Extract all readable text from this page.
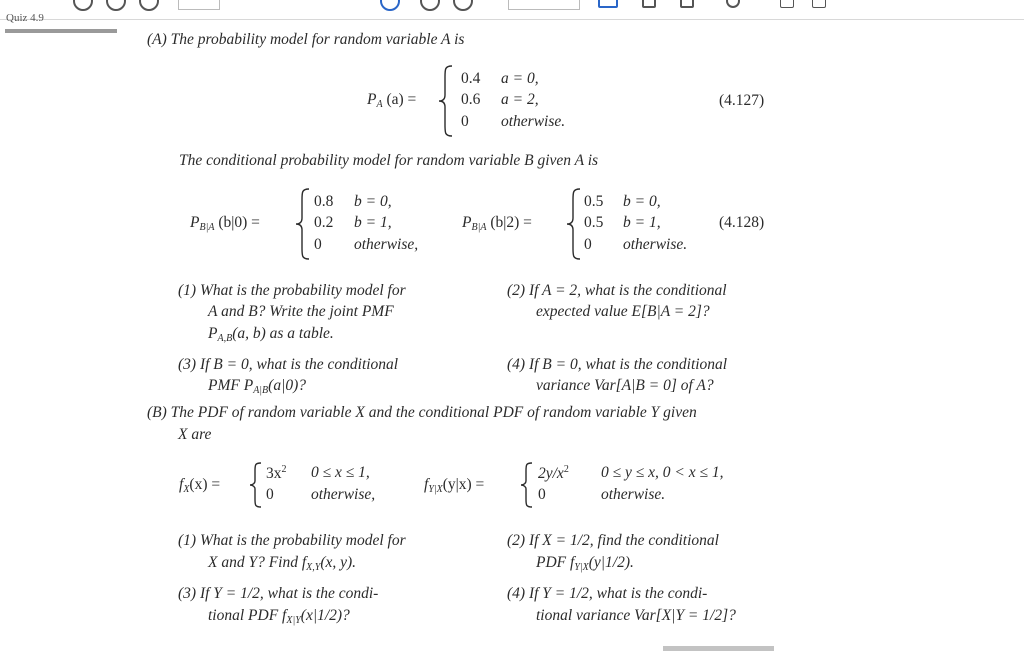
Quiz 4.9
(A) The probability model for random variable A is
$P_A$ (a) =
0.4 a = 0,
0.6 a = 2,
0 otherwise.
(4.127)
The conditional probability model for random variable B given A is
$P_{B|A}$ (b|0) =
0.8 b = 0,
0.2 b = 1,
0 otherwise,
$P_{B|A}$ (b|2) =
0.5 b = 0,
0.5 b = 1,
0 otherwise.
(4.128)
(1) What is the probability model for
A and B? Write the joint PMF
$P_{A,B}(a$, b) as a table.
(2) If A = 2, what is the conditional
expected value E[B|A = 2]?
(3) If B = 0, what is the conditional
PMF $P_{A|B}(a|0)$?
(4) If B = 0, what is the conditional
variance Var[A|B = 0] of A?
(B) The PDF of random variable X and the conditional PDF of random variable Y given
X are
$f_X(x)$ =
$3x^2$ 0 ≤ x ≤ 1,
0 otherwise,
$f_{Y|X}(y|x)$ =
$2y/x^2$ 0 ≤ y ≤ x, 0 < x ≤ 1,
0	otherwise.
(1) What is the probability model for
X and Y? Find $f_{X,Y}(x$, y).
(2) If X = 1/2, find the conditional
PDF $f_{Y|X}(y|1/2)$.
(3) If Y = 1/2, what is the condi-
tional PDF $f_{X|Y}(x|1/2)$?
(4) If Y = 1/2, what is the condi-
tional variance Var[X|Y = 1/2]?
